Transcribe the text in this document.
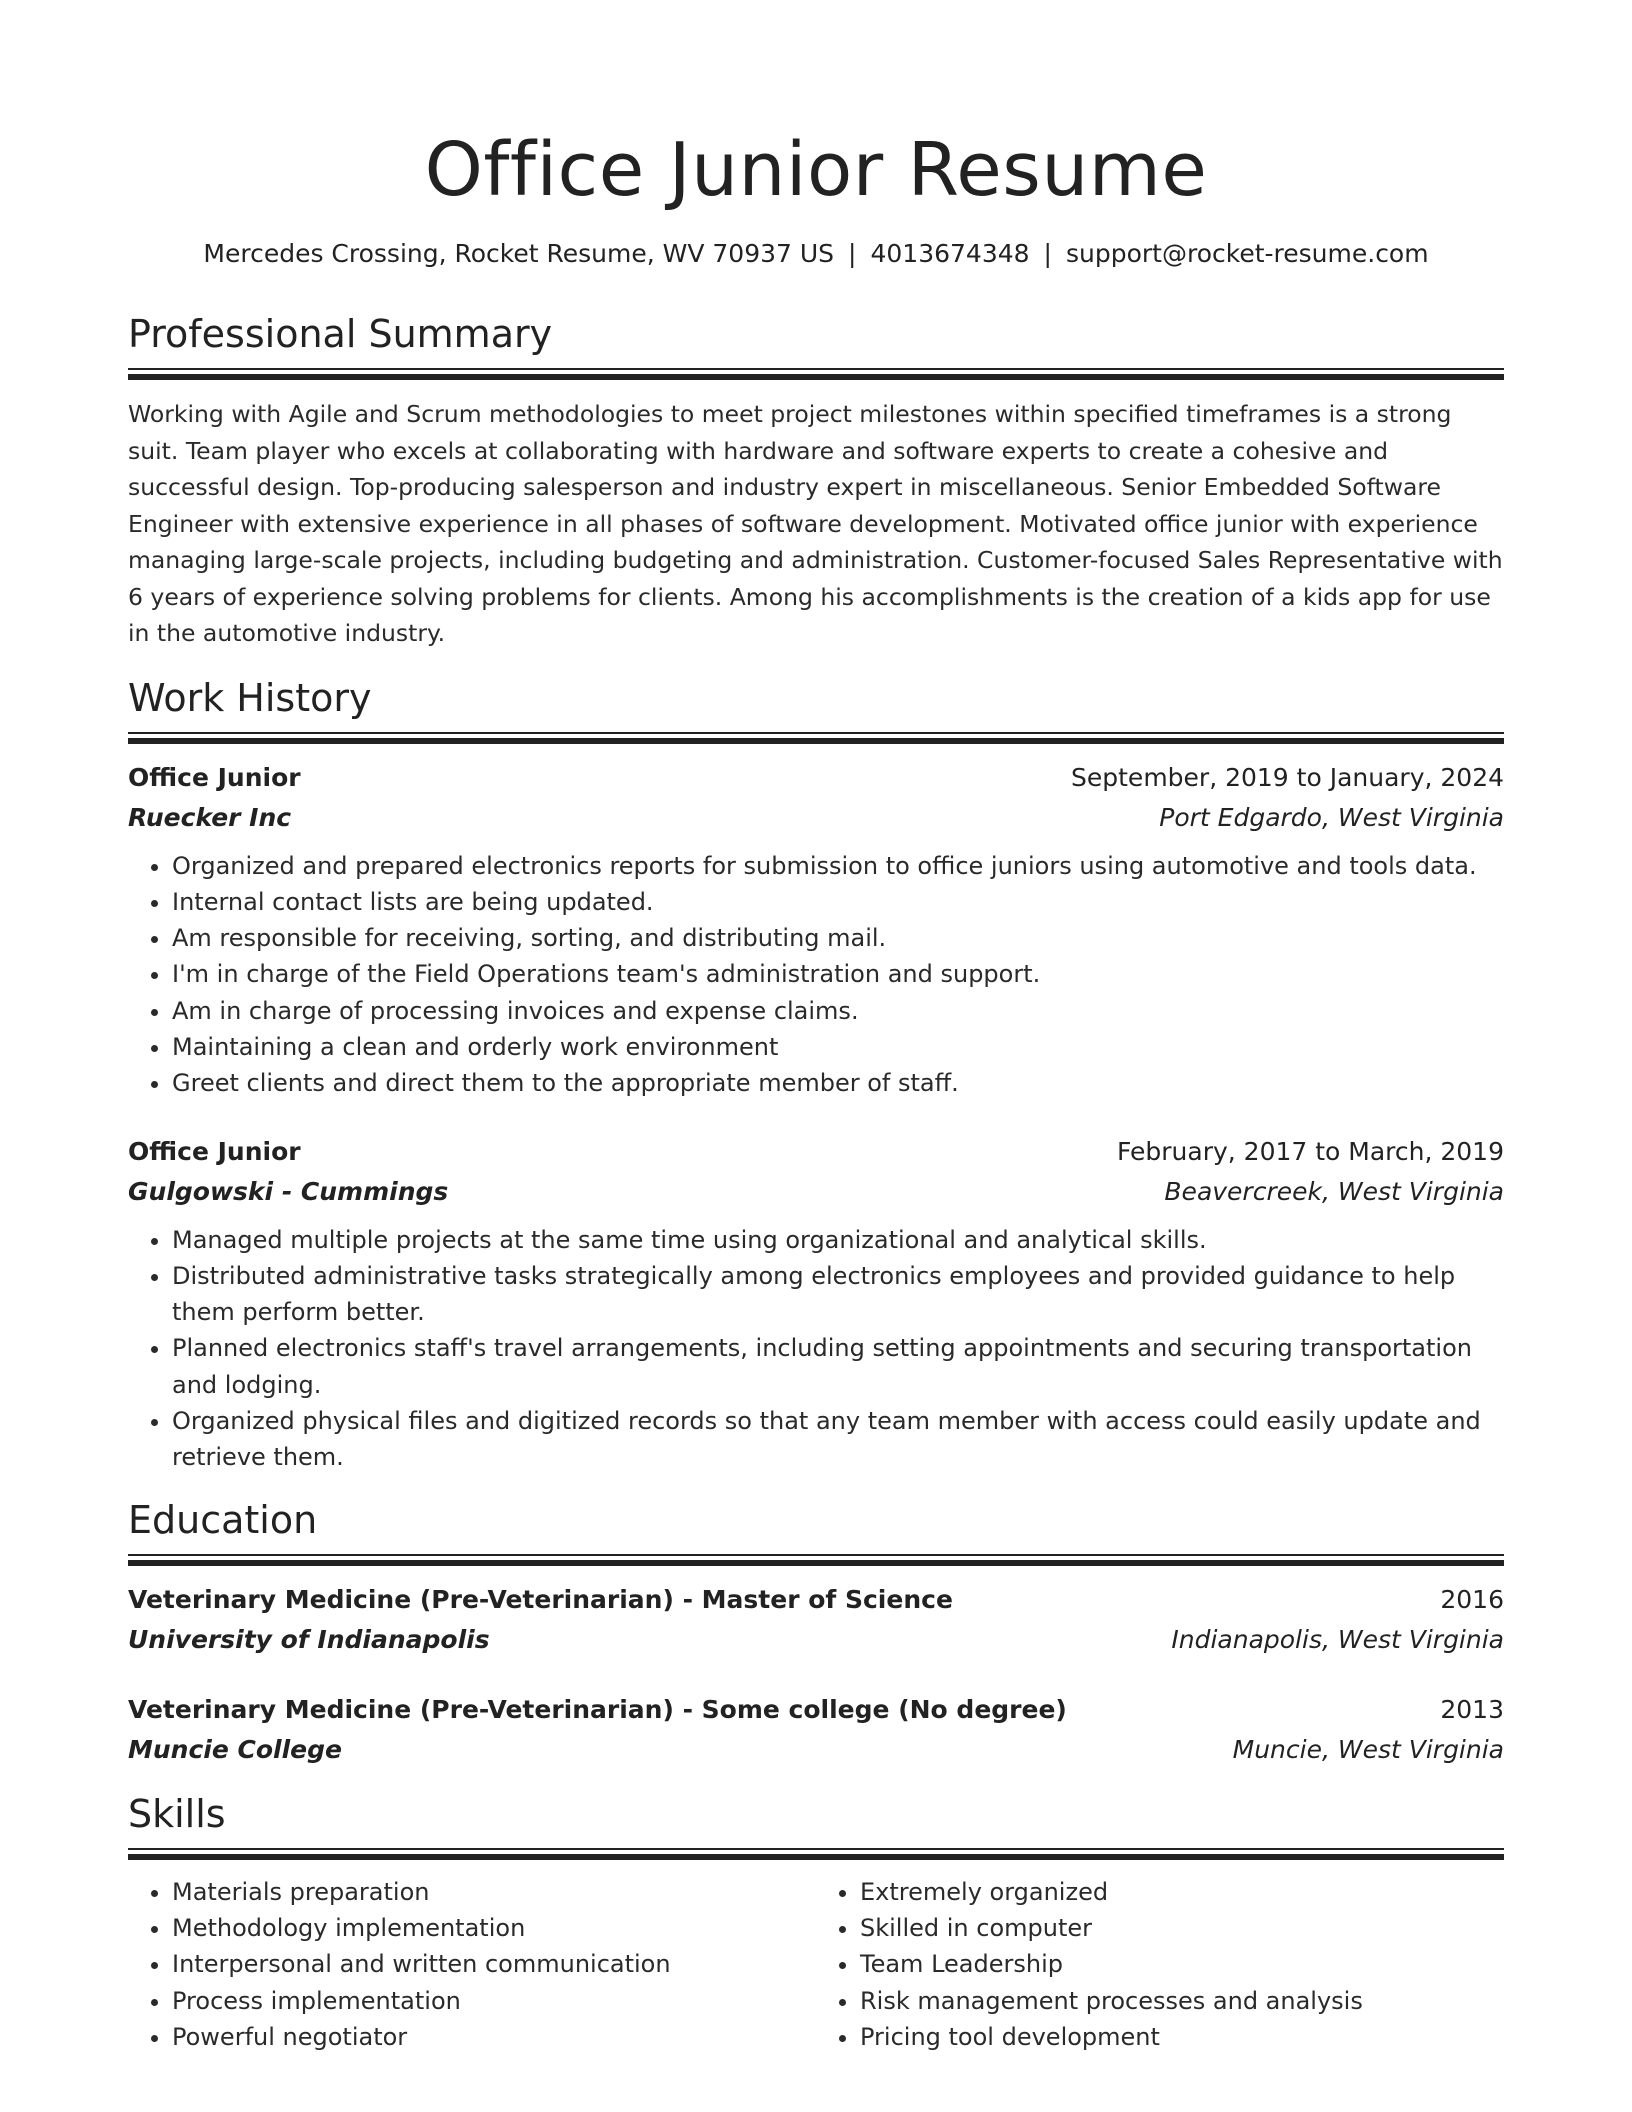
Office Junior Resume
Mercedes Crossing, Rocket Resume, WV 70937 US | 4013674348 | support@rocket-resume.com
Professional Summary
Working with Agile and Scrum methodologies to meet project milestones within specified timeframes is a strong suit. Team player who excels at collaborating with hardware and software experts to create a cohesive and successful design. Top-producing salesperson and industry expert in miscellaneous. Senior Embedded Software Engineer with extensive experience in all phases of software development. Motivated office junior with experience managing large-scale projects, including budgeting and administration. Customer-focused Sales Representative with 6 years of experience solving problems for clients. Among his accomplishments is the creation of a kids app for use in the automotive industry.
Work History
Office Junior	September, 2019 to January, 2024
Ruecker Inc	Port Edgardo, West Virginia
• Organized and prepared electronics reports for submission to office juniors using automotive and tools data.
• Internal contact lists are being updated.
• Am responsible for receiving, sorting, and distributing mail.
• I'm in charge of the Field Operations team's administration and support.
• Am in charge of processing invoices and expense claims.
• Maintaining a clean and orderly work environment
• Greet clients and direct them to the appropriate member of staff.
Office Junior	February, 2017 to March, 2019
Gulgowski - Cummings	Beavercreek, West Virginia
• Managed multiple projects at the same time using organizational and analytical skills.
• Distributed administrative tasks strategically among electronics employees and provided guidance to help them perform better.
• Planned electronics staff's travel arrangements, including setting appointments and securing transportation and lodging.
• Organized physical files and digitized records so that any team member with access could easily update and retrieve them.
Education
Veterinary Medicine (Pre-Veterinarian) - Master of Science	2016
University of Indianapolis	Indianapolis, West Virginia
Veterinary Medicine (Pre-Veterinarian) - Some college (No degree)	2013
Muncie College	Muncie, West Virginia
Skills
• Materials preparation
• Methodology implementation
• Interpersonal and written communication
• Process implementation
• Powerful negotiator
• Extremely organized
• Skilled in computer
• Team Leadership
• Risk management processes and analysis
• Pricing tool development
